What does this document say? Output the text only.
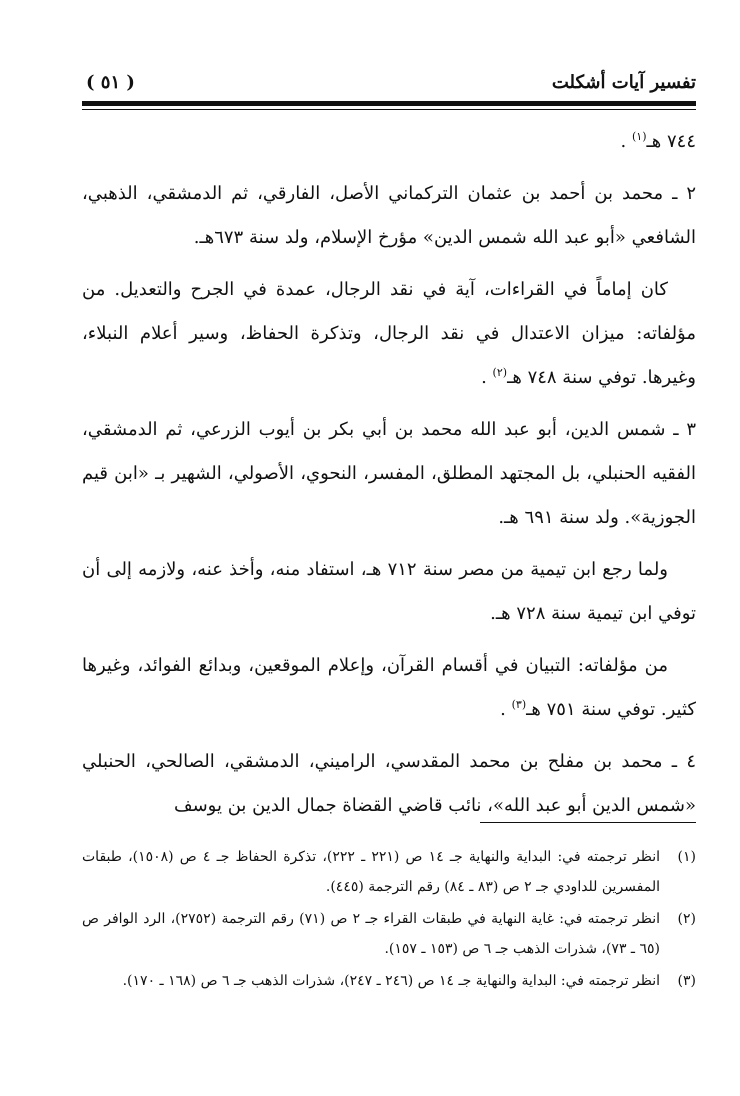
تفسير آيات أشكلت
( ٥١ )

٧٤٤ هـ$^{(١)}$ .

٢ ـ محمد بن أحمد بن عثمان التركماني الأصل، الفارقي، ثم الدمشقي، الذهبي، الشافعي «أبو عبد الله شمس الدين» مؤرخ الإسلام، ولد سنة ٦٧٣هـ.

كان إماماً في القراءات، آية في نقد الرجال، عمدة في الجرح والتعديل. من مؤلفاته: ميزان الاعتدال في نقد الرجال، وتذكرة الحفاظ، وسير أعلام النبلاء، وغيرها. توفي سنة ٧٤٨ هـ$^{(٢)}$ .

٣ ـ شمس الدين، أبو عبد الله محمد بن أبي بكر بن أيوب الزرعي، ثم الدمشقي، الفقيه الحنبلي، بل المجتهد المطلق، المفسر، النحوي، الأصولي، الشهير بـ «ابن قيم الجوزية». ولد سنة ٦٩١ هـ.

ولما رجع ابن تيمية من مصر سنة ٧١٢ هـ، استفاد منه، وأخذ عنه، ولازمه إلى أن توفي ابن تيمية سنة ٧٢٨ هـ.

من مؤلفاته: التبيان في أقسام القرآن، وإعلام الموقعين، وبدائع الفوائد، وغيرها كثير. توفي سنة ٧٥١ هـ$^{(٣)}$ .

٤ ـ محمد بن مفلح بن محمد المقدسي، الراميني، الدمشقي، الصالحي، الحنبلي «شمس الدين أبو عبد الله»، نائب قاضي القضاة جمال الدين بن يوسف

(١)
انظر ترجمته في: البداية والنهاية جـ ١٤ ص (٢٢١ ـ ٢٢٢)، تذكرة الحفاظ جـ ٤ ص (١٥٠٨)، طبقات المفسرين للداودي جـ ٢ ص (٨٣ ـ ٨٤) رقم الترجمة (٤٤٥).
(٢)
انظر ترجمته في: غاية النهاية في طبقات القراء جـ ٢ ص (٧١) رقم الترجمة (٢٧٥٢)، الرد الوافر ص (٦٥ ـ ٧٣)، شذرات الذهب جـ ٦ ص (١٥٣ ـ ١٥٧).
(٣)
انظر ترجمته في: البداية والنهاية جـ ١٤ ص (٢٤٦ ـ ٢٤٧)، شذرات الذهب جـ ٦ ص (١٦٨ ـ ١٧٠).
